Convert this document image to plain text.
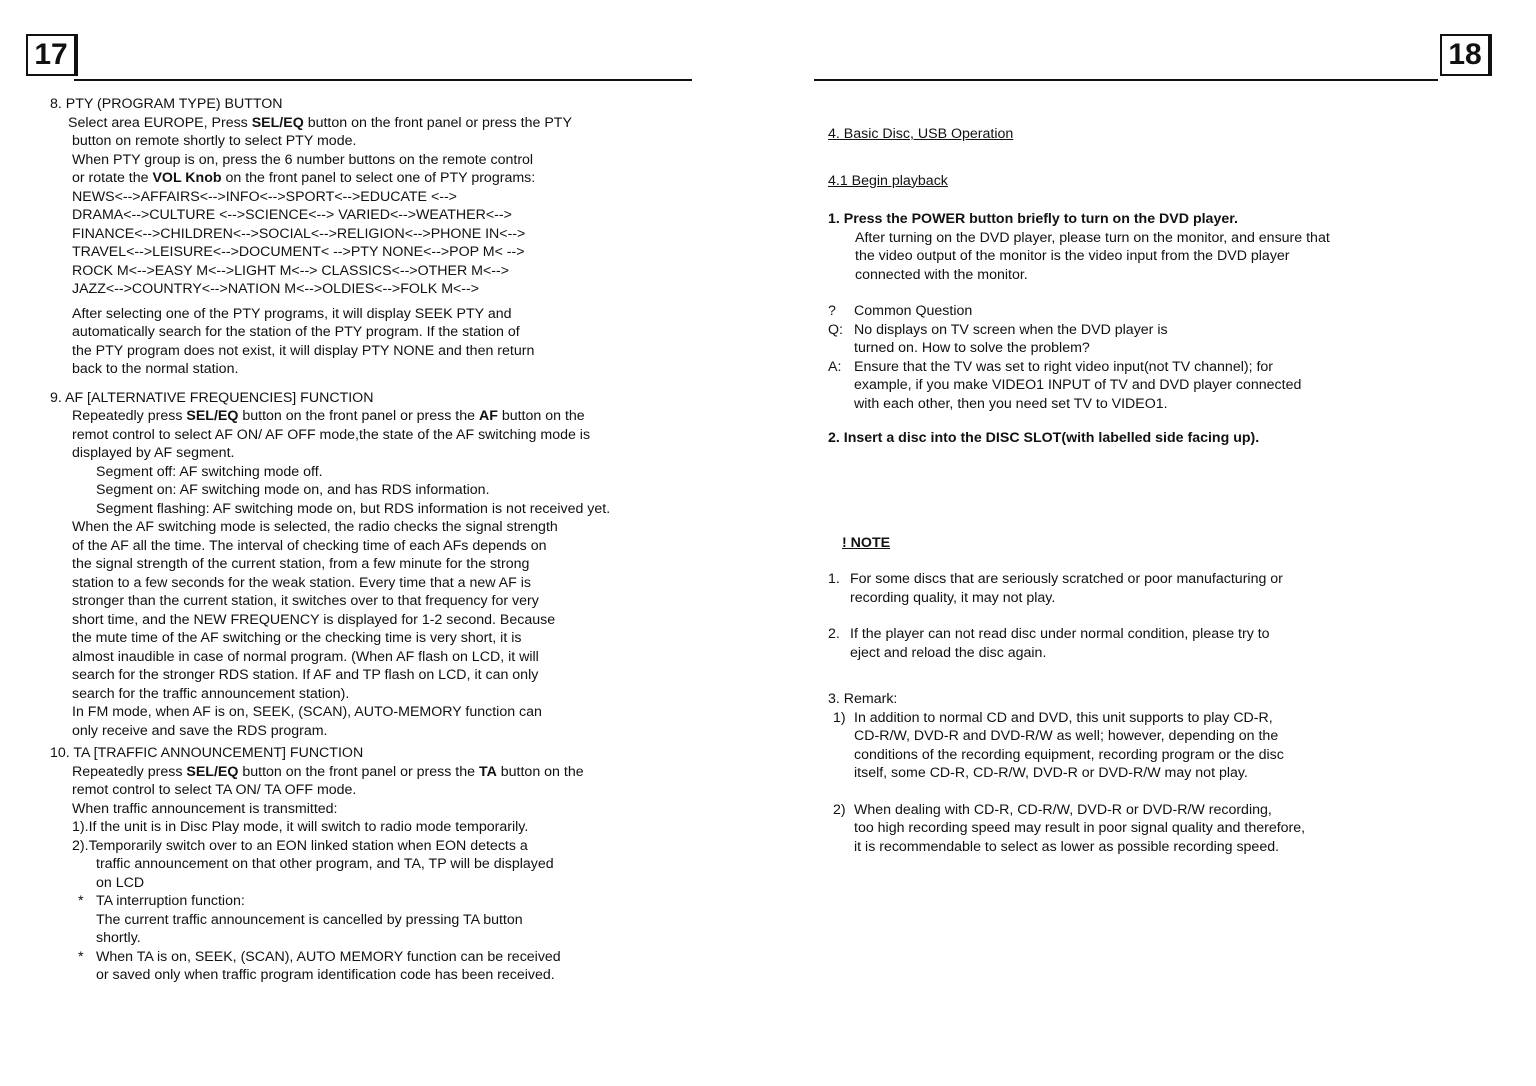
17
8. PTY (PROGRAM TYPE) BUTTON
Select area EUROPE, Press SEL/EQ button on the front panel or press the PTY
button on remote shortly to select PTY mode.
When PTY group is on, press the 6 number buttons on the remote control
or rotate the VOL Knob on the front panel to select one of PTY programs:
NEWS<-->AFFAIRS<-->INFO<-->SPORT<-->EDUCATE <-->
DRAMA<-->CULTURE <-->SCIENCE<--> VARIED<-->WEATHER<-->
FINANCE<-->CHILDREN<-->SOCIAL<-->RELIGION<-->PHONE IN<-->
TRAVEL<-->LEISURE<-->DOCUMENT< -->PTY NONE<-->POP M< -->
ROCK M<-->EASY M<-->LIGHT M<--> CLASSICS<-->OTHER M<-->
JAZZ<-->COUNTRY<-->NATION M<-->OLDIES<-->FOLK M<-->
After selecting one of the PTY programs, it will display SEEK PTY and
automatically search for the station of the PTY program. If the station of
the PTY program does not exist, it will display PTY NONE and then return
back to the normal station.
9. AF [ALTERNATIVE FREQUENCIES] FUNCTION
Repeatedly press SEL/EQ button on the front panel or press the AF button on the
remot control to select AF ON/ AF OFF mode,the state of the AF switching mode is
displayed by AF segment.
Segment off: AF switching mode off.
Segment on: AF switching mode on, and has RDS information.
Segment flashing: AF switching mode on, but RDS information is not received yet.
When the AF switching mode is selected, the radio checks the signal strength
of the AF all the time. The interval of checking time of each AFs depends on
the signal strength of the current station, from a few minute for the strong
station to a few seconds for the weak station. Every time that a new AF is
stronger than the current station, it switches over to that frequency for very
short time, and the NEW FREQUENCY is displayed for 1-2 second. Because
the mute time of the AF switching or the checking time is very short, it is
almost inaudible in case of normal program. (When AF flash on LCD, it will
search for the stronger RDS station. If AF and TP flash on LCD, it can only
search for the traffic announcement station).
In FM mode, when AF is on, SEEK, (SCAN), AUTO-MEMORY function can
only receive and save the RDS program.
10. TA [TRAFFIC ANNOUNCEMENT] FUNCTION
Repeatedly press SEL/EQ button on the front panel or press the TA button on the
remot control to select TA ON/ TA OFF mode.
When traffic announcement is transmitted:
1).If the unit is in Disc Play mode, it will switch to radio mode temporarily.
2).Temporarily switch over to an EON linked station when EON detects a
traffic announcement on that other program, and TA, TP will be displayed
on LCD
* TA interruption function:
The current traffic announcement is cancelled by pressing TA button
shortly.
* When TA is on, SEEK, (SCAN), AUTO MEMORY function can be received
or saved only when traffic program identification code has been received.
18
4. Basic Disc, USB Operation
4.1 Begin playback
1. Press the POWER button briefly to turn on the DVD player.
After turning on the DVD player, please turn on the monitor, and ensure that
the video output of the monitor is the video input from the DVD player
connected with the monitor.
?	Common Question
Q: No displays on TV screen when the DVD player is
turned on. How to solve the problem?
A: Ensure that the TV was set to right video input(not TV channel); for
example, if you make VIDEO1 INPUT of TV and DVD player connected
with each other, then you need set TV to VIDEO1.
2. Insert a disc into the DISC SLOT(with labelled side facing up).
! NOTE
1. For some discs that are seriously scratched or poor manufacturing or
recording quality, it may not play.
2. If the player can not read disc under normal condition, please try to
eject and reload the disc again.
3. Remark:
1) In addition to normal CD and DVD, this unit supports to play CD-R,
CD-R/W, DVD-R and DVD-R/W as well; however, depending on the
conditions of the recording equipment, recording program or the disc
itself, some CD-R, CD-R/W, DVD-R or DVD-R/W may not play.
2) When dealing with CD-R, CD-R/W, DVD-R or DVD-R/W recording,
too high recording speed may result in poor signal quality and therefore,
it is recommendable to select as lower as possible recording speed.
